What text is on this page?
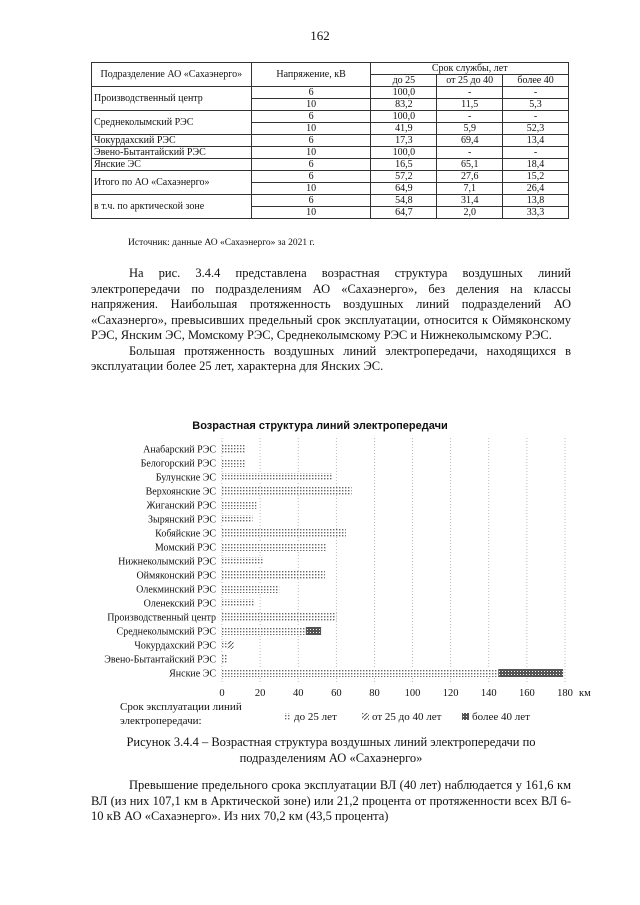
162
Подразделение АО «Сахаэнерго»	Напряжение, кВ	Срок службы, лет		
		до 25	от 25 до 40	более 40
Производственный центр	6	100,0	-	-
	10	83,2	11,5	5,3
Среднеколымский РЭС	6	100,0	-	-
	10	41,9	5,9	52,3
Чокурдахский РЭС	6	17,3	69,4	13,4
Эвено-Бытантайский РЭС	10	100,0	-	-
Янские ЭС	6	16,5	65,1	18,4
Итого по АО «Сахаэнерго»	6	57,2	27,6	15,2
	10	64,9	7,1	26,4
в т.ч. по арктической зоне	6	54,8	31,4	13,8
	10	64,7	2,0	33,3
Источник: данные АО «Сахаэнерго» за 2021 г.

На рис. 3.4.4 представлена возрастная структура воздушных линий электропередачи по подразделениям АО «Сахаэнерго», без деления на классы напряжения. Наибольшая протяженность воздушных линий подразделений АО «Сахаэнерго», превысивших предельный срок эксплуатации, относится к Оймяконскому РЭС, Янским ЭС, Момскому РЭС, Среднеколымскому РЭС и Нижнеколымскому РЭС.

Большая протяженность воздушных линий электропередачи, находящихся в эксплуатации более 25 лет, характерна для Янских ЭС.

Возрастная структура линий электропередачи
Анабарский РЭС
Белогорский РЭС
Булунские ЭС
Верхоянские ЭС
Жиганский РЭС
Зырянский РЭС
Кобяйские ЭС
Момский РЭС
Нижнеколымский РЭС
Оймяконский РЭС
Олекминский РЭС
Оленекский РЭС
Производственный центр
Среднеколымский РЭС
Чокурдахский РЭС
Эвено-Бытантайский РЭС
Янские ЭС
0	20	40	60	80 100 120 140 160 180 км
Срок эксплуатации линий
электропередачи:	до 25 лет	от 25 до 40 лет	более 40 лет
Рисунок 3.4.4 – Возрастная структура воздушных линий электропередачи по подразделениям АО «Сахаэнерго»

Превышение предельного срока эксплуатации ВЛ (40 лет) наблюдается у 161,6 км ВЛ (из них 107,1 км в Арктической зоне) или 21,2 процента от протяженности всех ВЛ 6-10 кВ АО «Сахаэнерго». Из них 70,2 км (43,5 процента)
